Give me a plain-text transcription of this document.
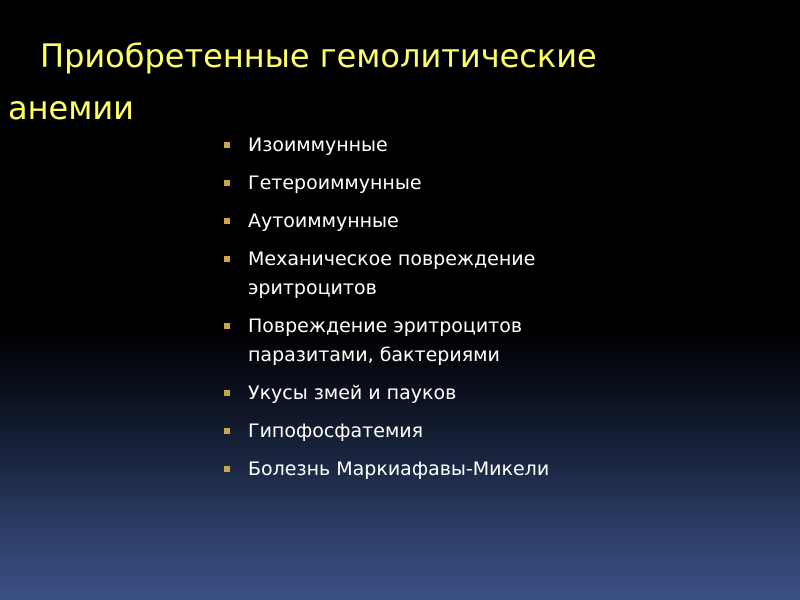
Приобретенные гемолитические
анемии
Изоиммунные
Гетероиммунные
Аутоиммунные
Механическое повреждение эритроцитов
Повреждение эритроцитов паразитами, бактериями
Укусы змей и пауков
Гипофосфатемия
Болезнь Маркиафавы-Микели
